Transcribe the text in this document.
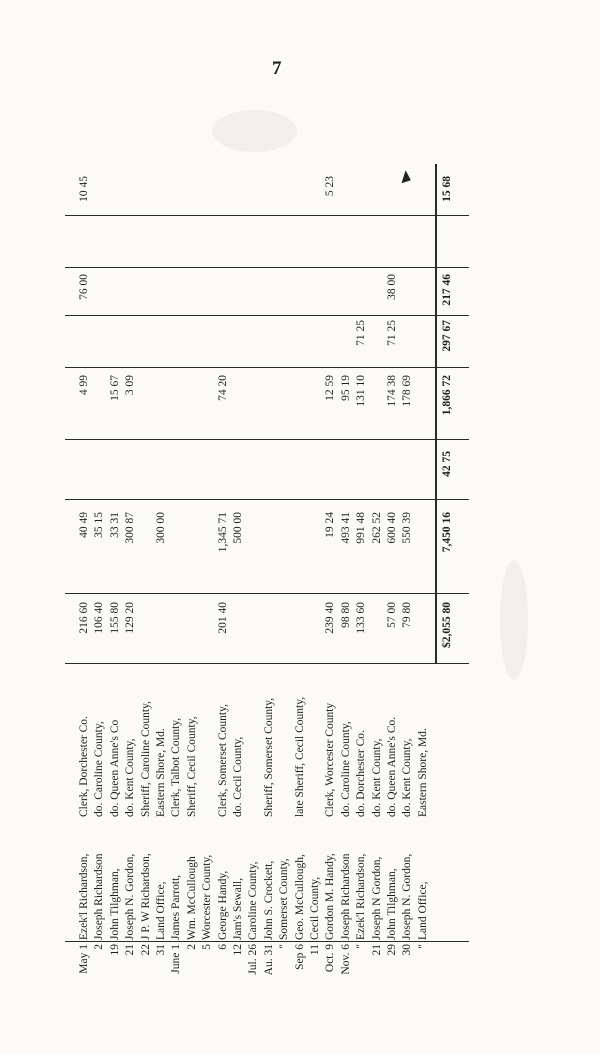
7
May 1
Ezek'l Richardson,
Clerk, Dorchester Co.
216 60
40 49
4 99
10 45
2
Joseph Richardson
do. Caroline County,
106 40
35 15
19
John Tilghman,
do. Queen Anne's Co
155 80
33 31
15 67
21
Joseph N. Gordon,
do. Kent County,
129 20
300 87
3 09
22
J P. W Richardson,
Sheriff, Caroline County,
31
Land Office,
Eastern Shore, Md.
300 00
June 1
James Parrott,
Clerk, Talbot County,
2
Wm. McCullough
Sheriff, Cecil County,
5
Worcester County,
6
George Handy,
Clerk, Somerset County,
201 40
1,345 71
74 20
12
Jam's Sewall,
do. Cecil County,
500 00
Jul. 26
Caroline County,
Au. 31
John S. Crockett,
Sheriff, Somerset County,
"
Somerset County,
Sep 6
Geo. McCullough,
late Sheriff, Cecil County,
11
Cecil County,
Oct. 9
Gordon M. Handy,
Clerk, Worcester County
239 40
19 24
12 59
Nov. 6
Joseph Richardson
do. Caroline County,
98 80
493 41
95 19
"
Ezek'l Richardson,
do. Dorchester Co.
133 60
991 48
131 10
71 25
21
Joseph N Gordon,
do. Kent County,
262 52
29
John Tilghman,
do. Queen Anne's Co.
57 00
600 40
174 38
71 25
38 00
30
Joseph N. Gordon,
do. Kent County,
79 80
550 39
178 69
"
Land Office,
Eastern Shore, Md.
76 00
5 23
$2,055 80
7,450 16
42 75
1,866 72
297 67
217 46
15 68
